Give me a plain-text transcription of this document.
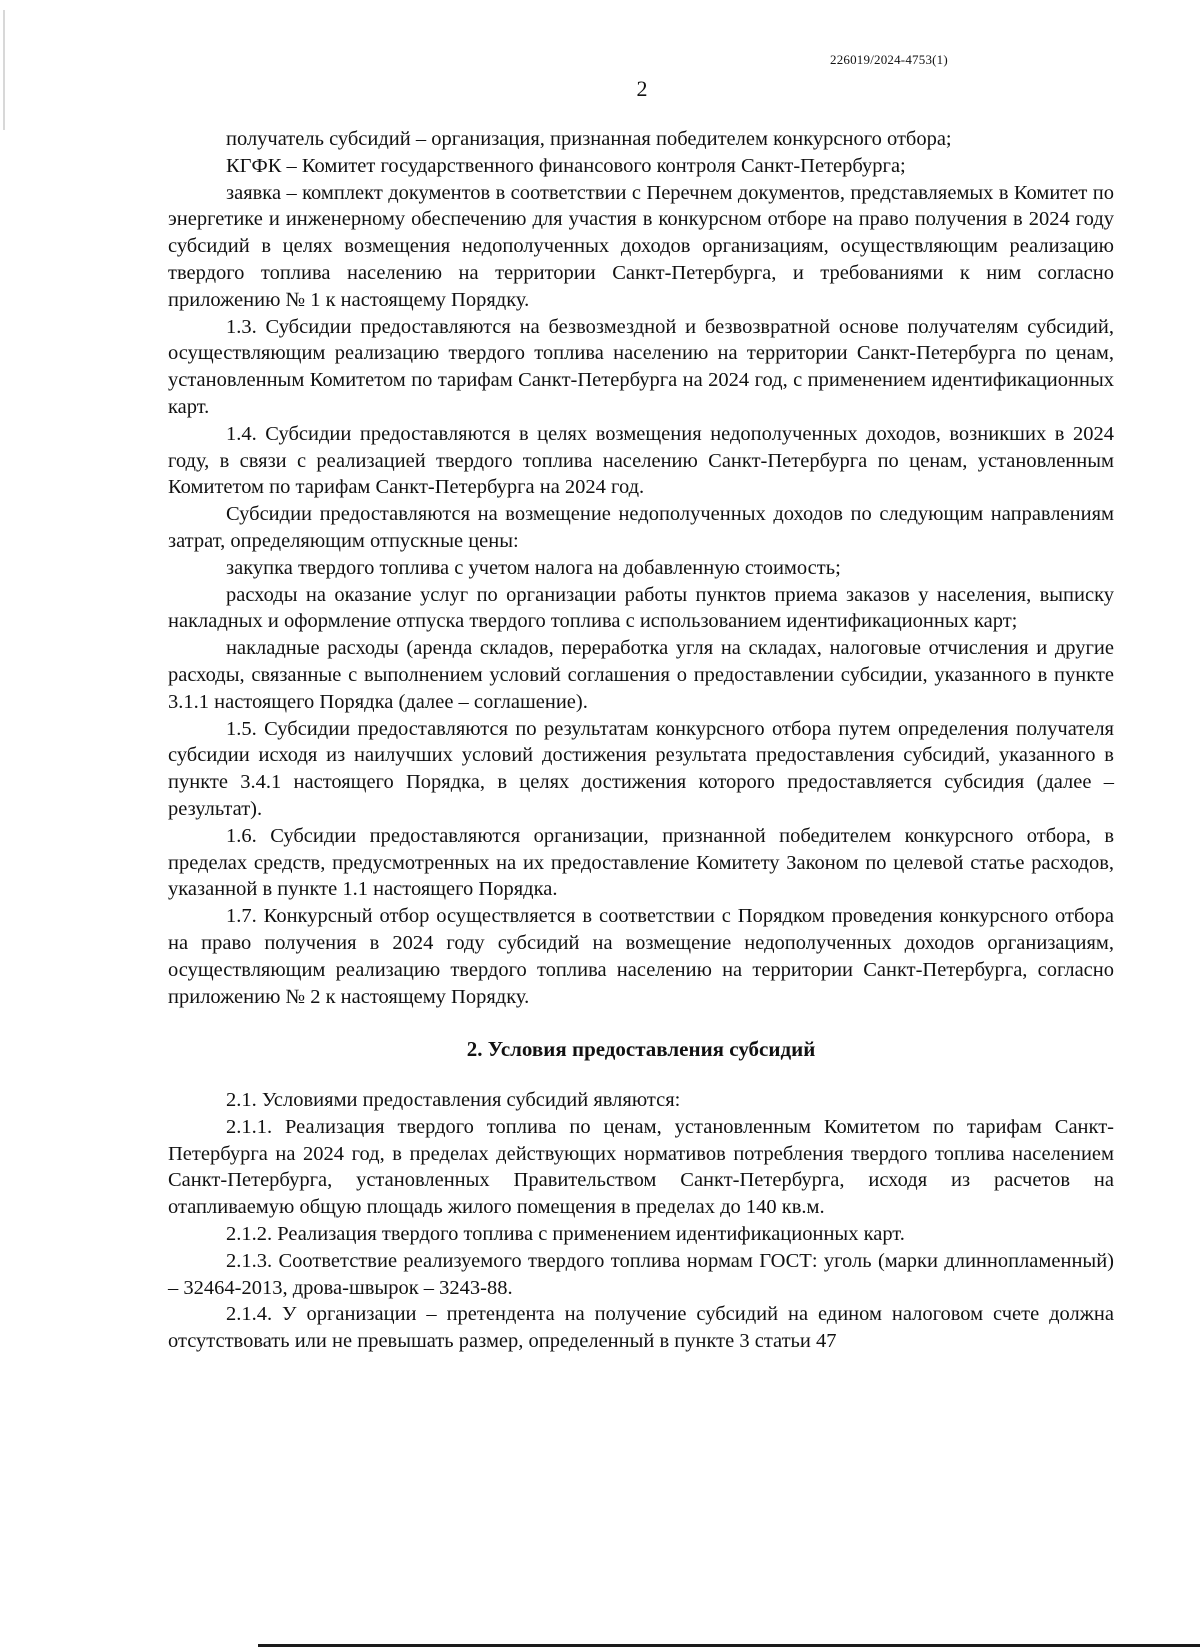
226019/2024-4753(1)
2

получатель субсидий – организация, признанная победителем конкурсного отбора;

КГФК – Комитет государственного финансового контроля Санкт-Петербурга;

заявка – комплект документов в соответствии с Перечнем документов, представляемых в Комитет по энергетике и инженерному обеспечению для участия в конкурсном отборе на право получения в 2024 году субсидий в целях возмещения недополученных доходов организациям, осуществляющим реализацию твердого топлива населению на территории Санкт-Петербурга, и требованиями к ним согласно приложению № 1 к настоящему Порядку.

1.3. Субсидии предоставляются на безвозмездной и безвозвратной основе получателям субсидий, осуществляющим реализацию твердого топлива населению на территории Санкт-Петербурга по ценам, установленным Комитетом по тарифам Санкт-Петербурга на 2024 год, с применением идентификационных карт.

1.4. Субсидии предоставляются в целях возмещения недополученных доходов, возникших в 2024 году, в связи с реализацией твердого топлива населению Санкт-Петербурга по ценам, установленным Комитетом по тарифам Санкт-Петербурга на 2024 год.

Субсидии предоставляются на возмещение недополученных доходов по следующим направлениям затрат, определяющим отпускные цены:

закупка твердого топлива с учетом налога на добавленную стоимость;

расходы на оказание услуг по организации работы пунктов приема заказов у населения, выписку накладных и оформление отпуска твердого топлива с использованием идентификационных карт;

накладные расходы (аренда складов, переработка угля на складах, налоговые отчисления и другие расходы, связанные с выполнением условий соглашения о предоставлении субсидии, указанного в пункте 3.1.1 настоящего Порядка (далее – соглашение).

1.5. Субсидии предоставляются по результатам конкурсного отбора путем определения получателя субсидии исходя из наилучших условий достижения результата предоставления субсидий, указанного в пункте 3.4.1 настоящего Порядка, в целях достижения которого предоставляется субсидия (далее – результат).

1.6. Субсидии предоставляются организации, признанной победителем конкурсного отбора, в пределах средств, предусмотренных на их предоставление Комитету Законом по целевой статье расходов, указанной в пункте 1.1 настоящего Порядка.

1.7. Конкурсный отбор осуществляется в соответствии с Порядком проведения конкурсного отбора на право получения в 2024 году субсидий на возмещение недополученных доходов организациям, осуществляющим реализацию твердого топлива населению на территории Санкт-Петербурга, согласно приложению № 2 к настоящему Порядку.

2. Условия предоставления субсидий

2.1. Условиями предоставления субсидий являются:

2.1.1. Реализация твердого топлива по ценам, установленным Комитетом по тарифам Санкт-Петербурга на 2024 год, в пределах действующих нормативов потребления твердого топлива населением Санкт-Петербурга, установленных Правительством Санкт-Петербурга, исходя из расчетов на отапливаемую общую площадь жилого помещения в пределах до 140 кв.м.

2.1.2. Реализация твердого топлива с применением идентификационных карт.

2.1.3. Соответствие реализуемого твердого топлива нормам ГОСТ: уголь (марки длиннопламенный) – 32464-2013, дрова-швырок – 3243-88.

2.1.4. У организации – претендента на получение субсидий на едином налоговом счете должна отсутствовать или не превышать размер, определенный в пункте 3 статьи 47
